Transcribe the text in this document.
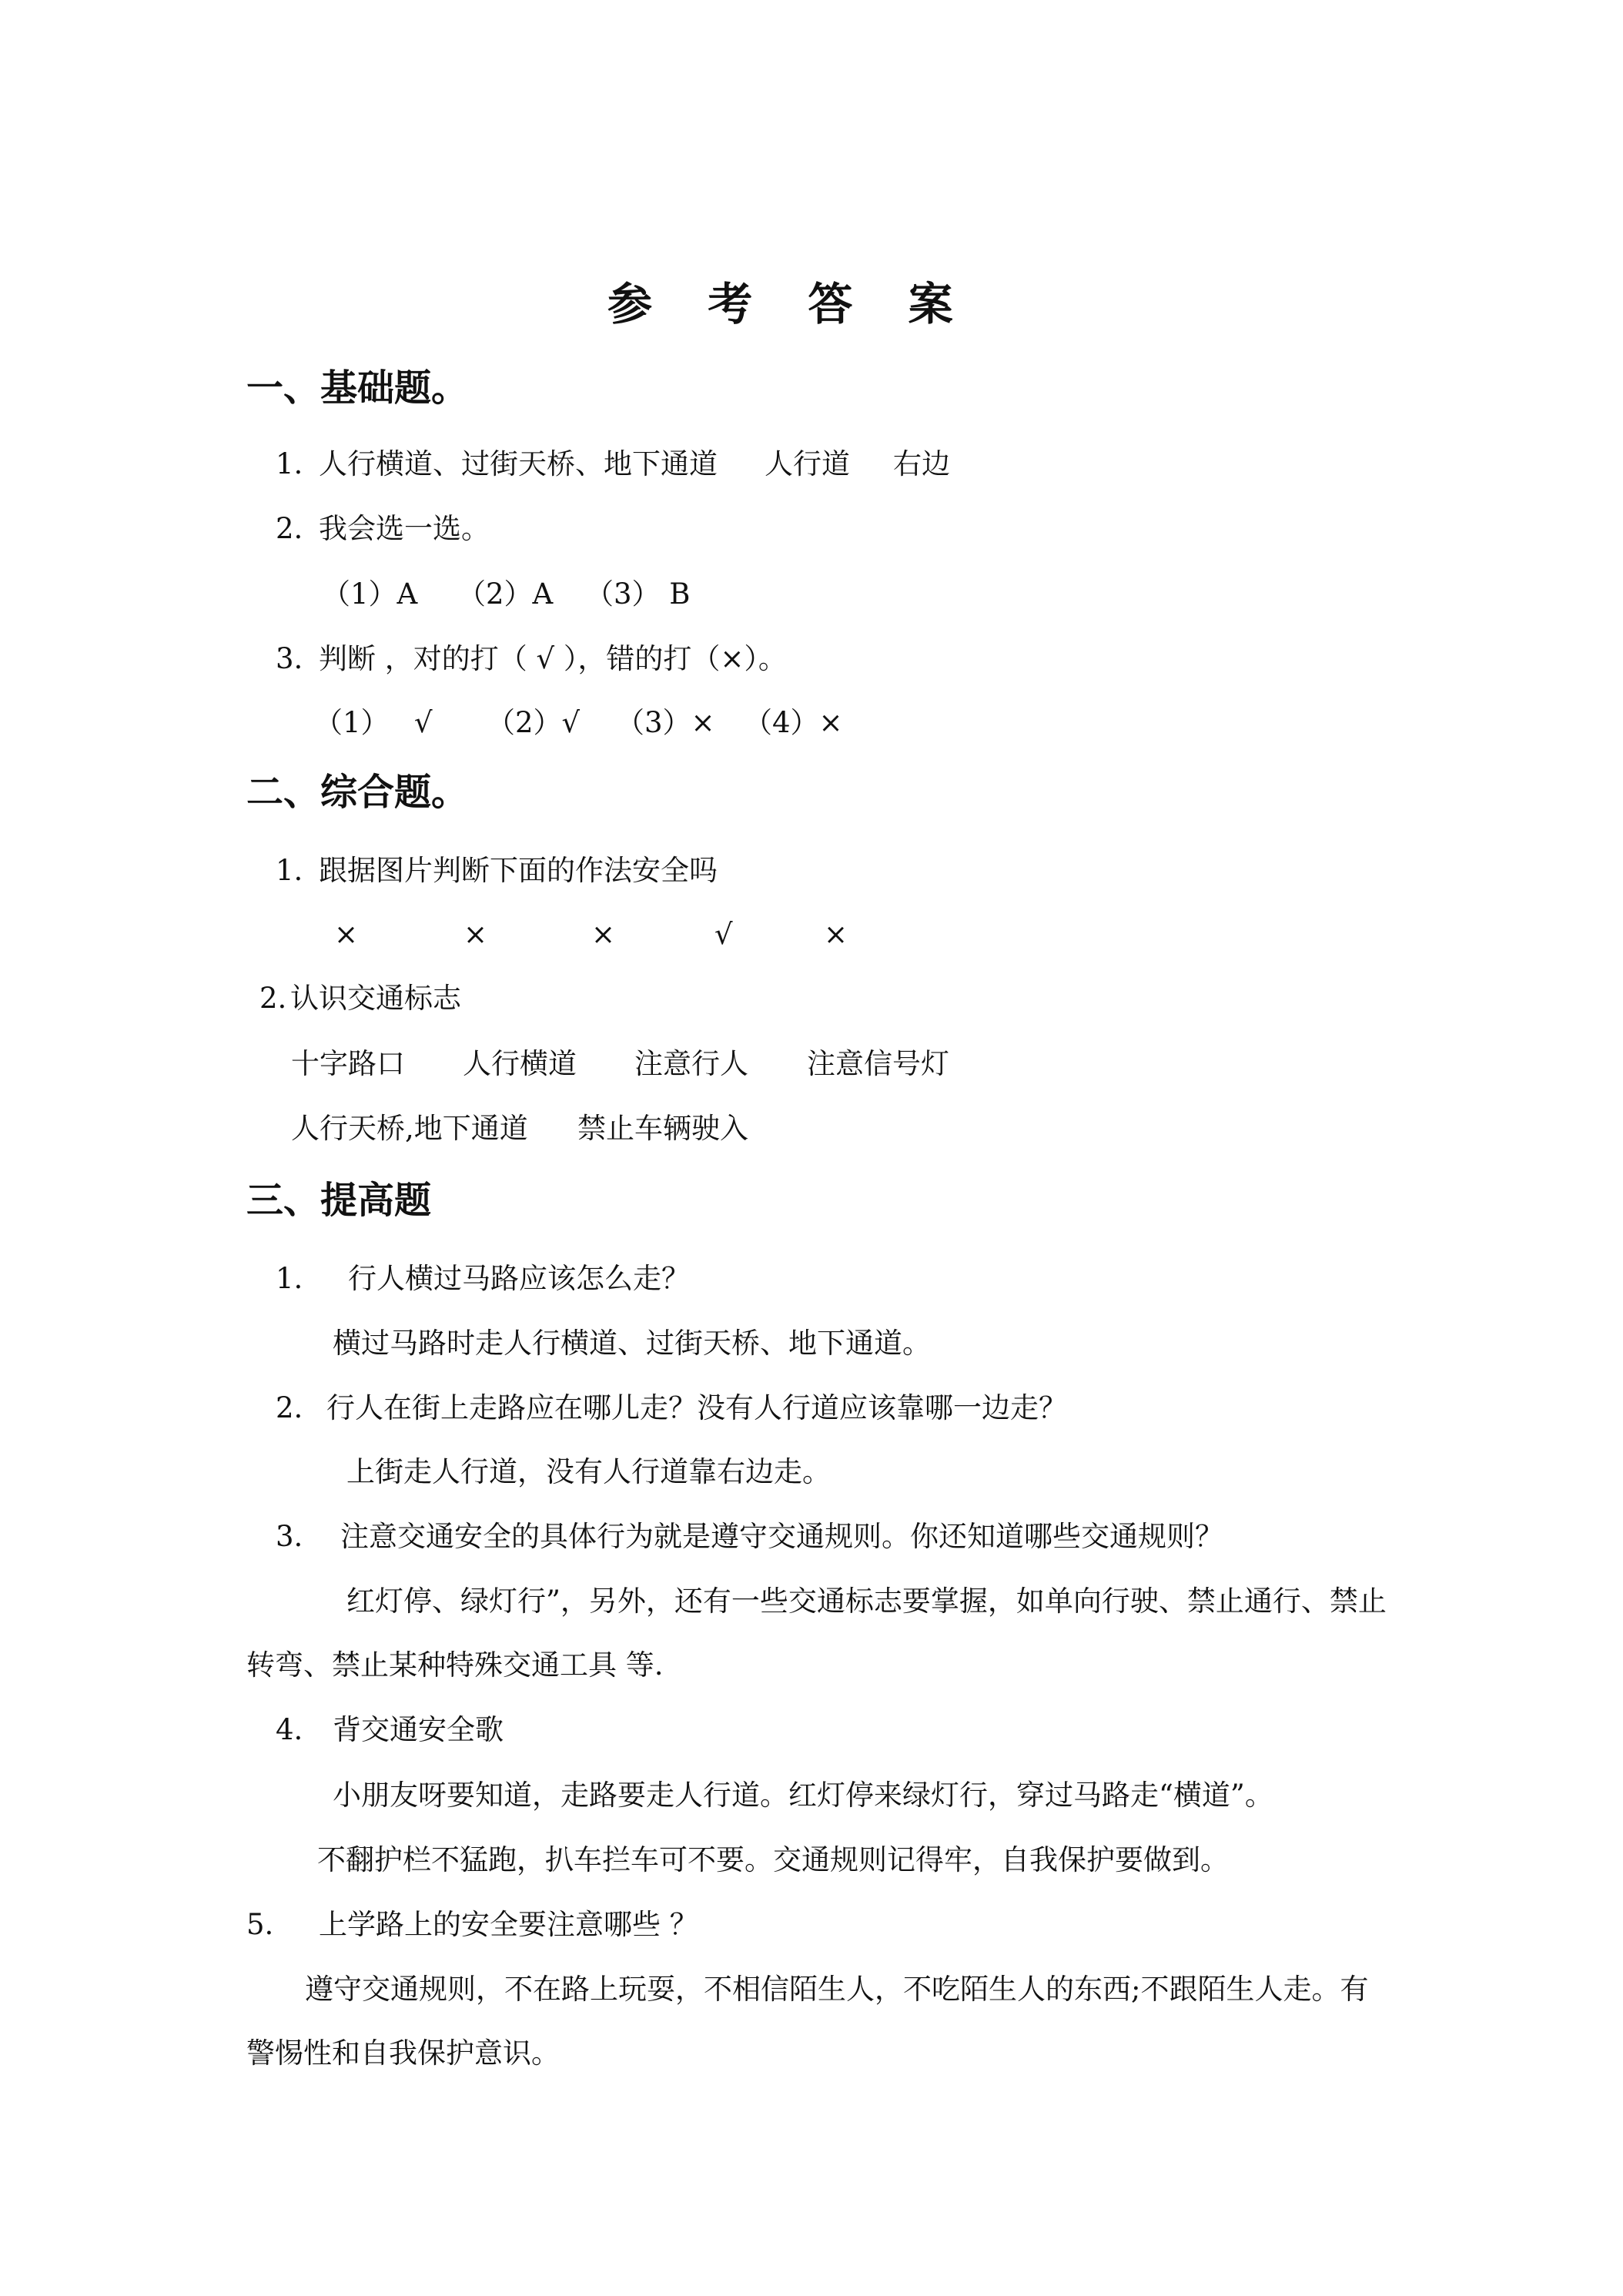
参 考 答 案
一、基础题。
1. 人行横道、过街天桥、地下通道 人行道 右边
2. 我会选一选。
（1）A （2）A （3） B
3. 判断 ，对的打（ √ ），错的打（×）。
（1） √ （2）√ （3）× （4）×
二、综合题。
1. 跟据图片判断下面的作法安全吗
×	×	×	√	×
2. 认识交通标志
十字路口 人行横道 注意行人 注意信号灯
人行天桥,地下通道 禁止车辆驶入
三、提高题
1. 行人横过马路应该怎么走？
横过马路时走人行横道、过街天桥、地下通道。
2. 行人在街上走路应在哪儿走？没有人行道应该靠哪一边走？
上街走人行道，没有人行道靠右边走。
3. 注意交通安全的具体行为就是遵守交通规则。你还知道哪些交通规则？
红灯停、绿灯行”，另外，还有一些交通标志要掌握，如单向行驶、禁止通行、禁止
转弯、禁止某种特殊交通工具 等.
4. 背交通安全歌
小朋友呀要知道，走路要走人行道。红灯停来绿灯行，穿过马路走“横道”。
不翻护栏不猛跑，扒车拦车可不要。交通规则记得牢，自我保护要做到。
5. 上学路上的安全要注意哪些 ？
遵守交通规则，不在路上玩耍，不相信陌生人，不吃陌生人的东西;不跟陌生人走。有
警惕性和自我保护意识。
